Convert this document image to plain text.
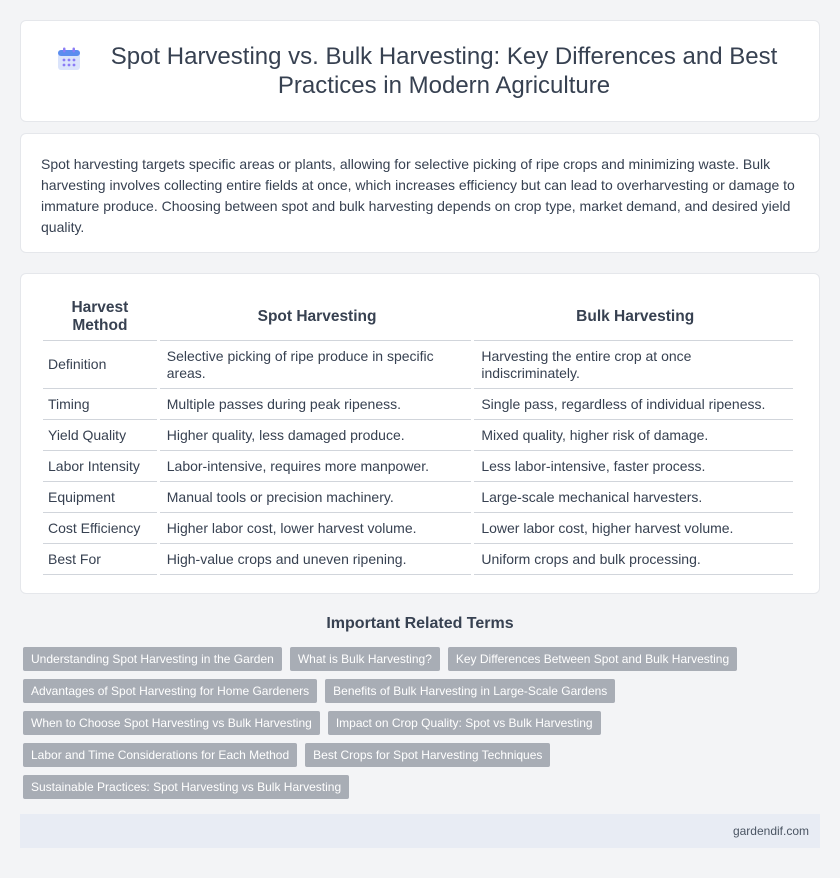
Spot Harvesting vs. Bulk Harvesting: Key Differences and Best Practices in Modern Agriculture

Spot harvesting targets specific areas or plants, allowing for selective picking of ripe crops and minimizing waste. Bulk harvesting involves collecting entire fields at once, which increases efficiency but can lead to overharvesting or damage to immature produce. Choosing between spot and bulk harvesting depends on crop type, market demand, and desired yield quality.

Harvest Method	Spot Harvesting	Bulk Harvesting
Definition	Selective picking of ripe produce in specific areas.	Harvesting the entire crop at once indiscriminately.
Timing	Multiple passes during peak ripeness.	Single pass, regardless of individual ripeness.
Yield Quality	Higher quality, less damaged produce.	Mixed quality, higher risk of damage.
Labor Intensity	Labor-intensive, requires more manpower.	Less labor-intensive, faster process.
Equipment	Manual tools or precision machinery.	Large-scale mechanical harvesters.
Cost Efficiency	Higher labor cost, lower harvest volume.	Lower labor cost, higher harvest volume.
Best For	High-value crops and uneven ripening.	Uniform crops and bulk processing.
Important Related Terms
Understanding Spot Harvesting in the Garden	What is Bulk Harvesting?	Key Differences Between Spot and Bulk Harvesting
Advantages of Spot Harvesting for Home Gardeners	Benefits of Bulk Harvesting in Large-Scale Gardens
When to Choose Spot Harvesting vs Bulk Harvesting	Impact on Crop Quality: Spot vs Bulk Harvesting
Labor and Time Considerations for Each Method	Best Crops for Spot Harvesting Techniques
Sustainable Practices: Spot Harvesting vs Bulk Harvesting
gardendif.com
